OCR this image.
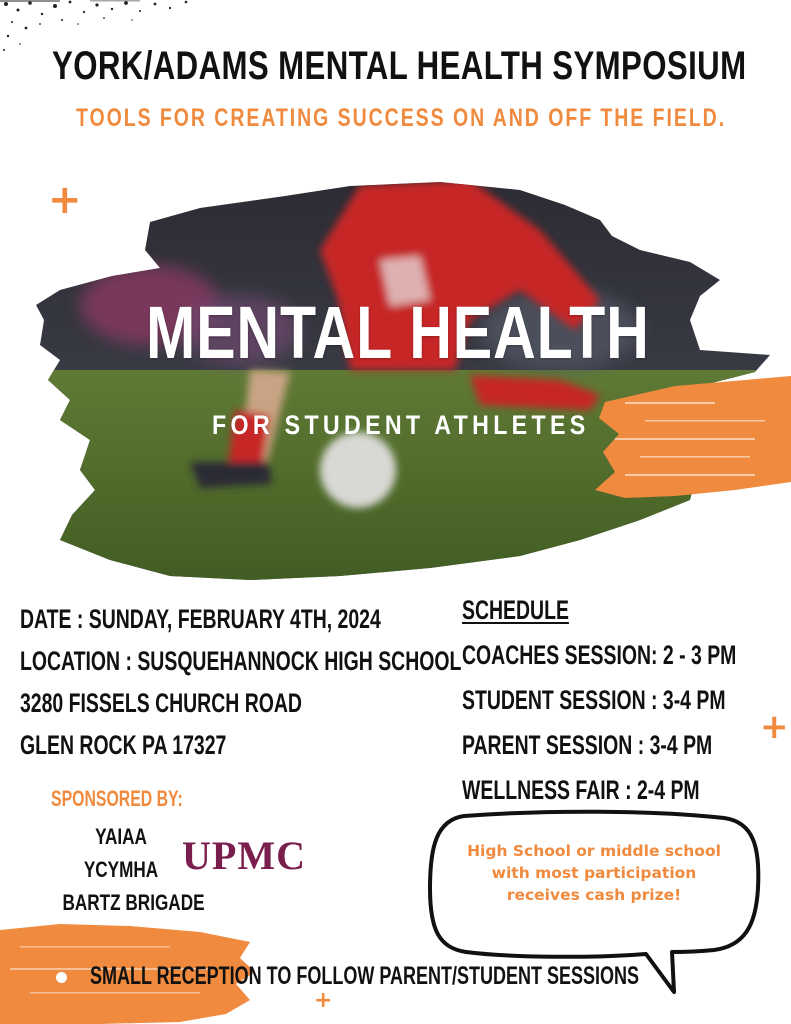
+
+
+
YORK/ADAMS MENTAL HEALTH SYMPOSIUM
TOOLS FOR CREATING SUCCESS ON AND OFF THE FIELD.
MENTAL HEALTH
FOR STUDENT ATHLETES
DATE : SUNDAY, FEBRUARY 4TH, 2024
LOCATION : SUSQUEHANNOCK HIGH SCHOOL
3280 FISSELS CHURCH ROAD
GLEN ROCK PA 17327
SCHEDULE
COACHES SESSION: 2 - 3 PM
STUDENT SESSION : 3-4 PM
PARENT SESSION : 3-4 PM
WELLNESS FAIR : 2-4 PM
SPONSORED BY:
YAIAA
YCYMHA
BARTZ BRIGADE
UPMC	High School or middle school with most participation receives cash prize!
SMALL RECEPTION TO FOLLOW PARENT/STUDENT SESSIONS
